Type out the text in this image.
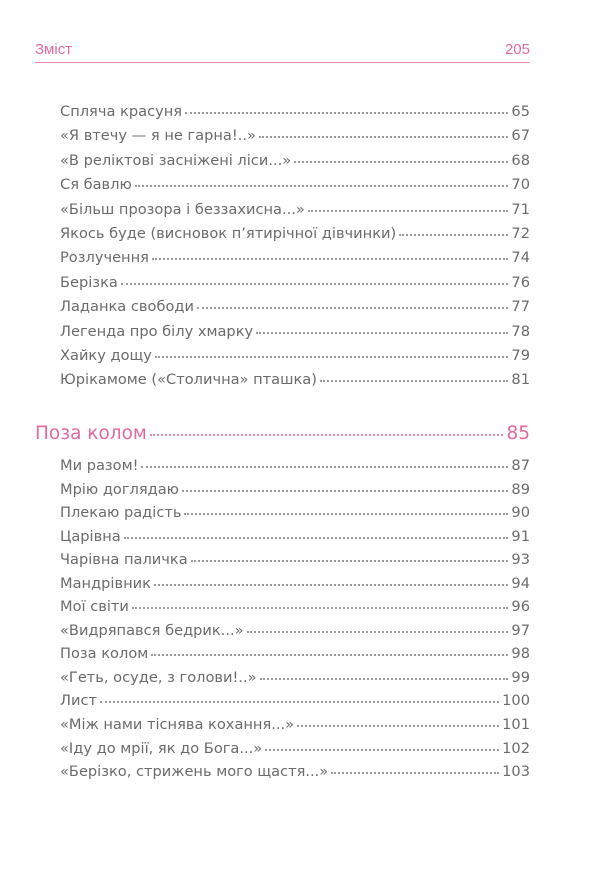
Зміст	205
Спляча красуня	65
«Я втечу — я не гарна!..»	67
«В реліктові засніжені ліси...»	68
Ся бавлю	70
«Більш прозора і беззахисна...»	71
Якось буде (висновок п’ятирічної дівчинки)	72
Розлучення	74
Берізка	76
Ладанка свободи	77
Легенда про білу хмарку	78
Хайку дощу	79
Юрікамоме («Столична» пташка)	81
Поза колом	85
Ми разом!	87
Мрію доглядаю	89
Плекаю радість	90
Царівна	91
Чарівна паличка	93
Мандрівник	94
Мої світи	96
«Видряпався бедрик...»	97
Поза колом	98
«Геть, осуде, з голови!..»	99
Лист	100
«Між нами тіснява кохання...»	101
«Іду до мрії, як до Бога...»	102
«Берізко, стрижень мого щастя...»	103
